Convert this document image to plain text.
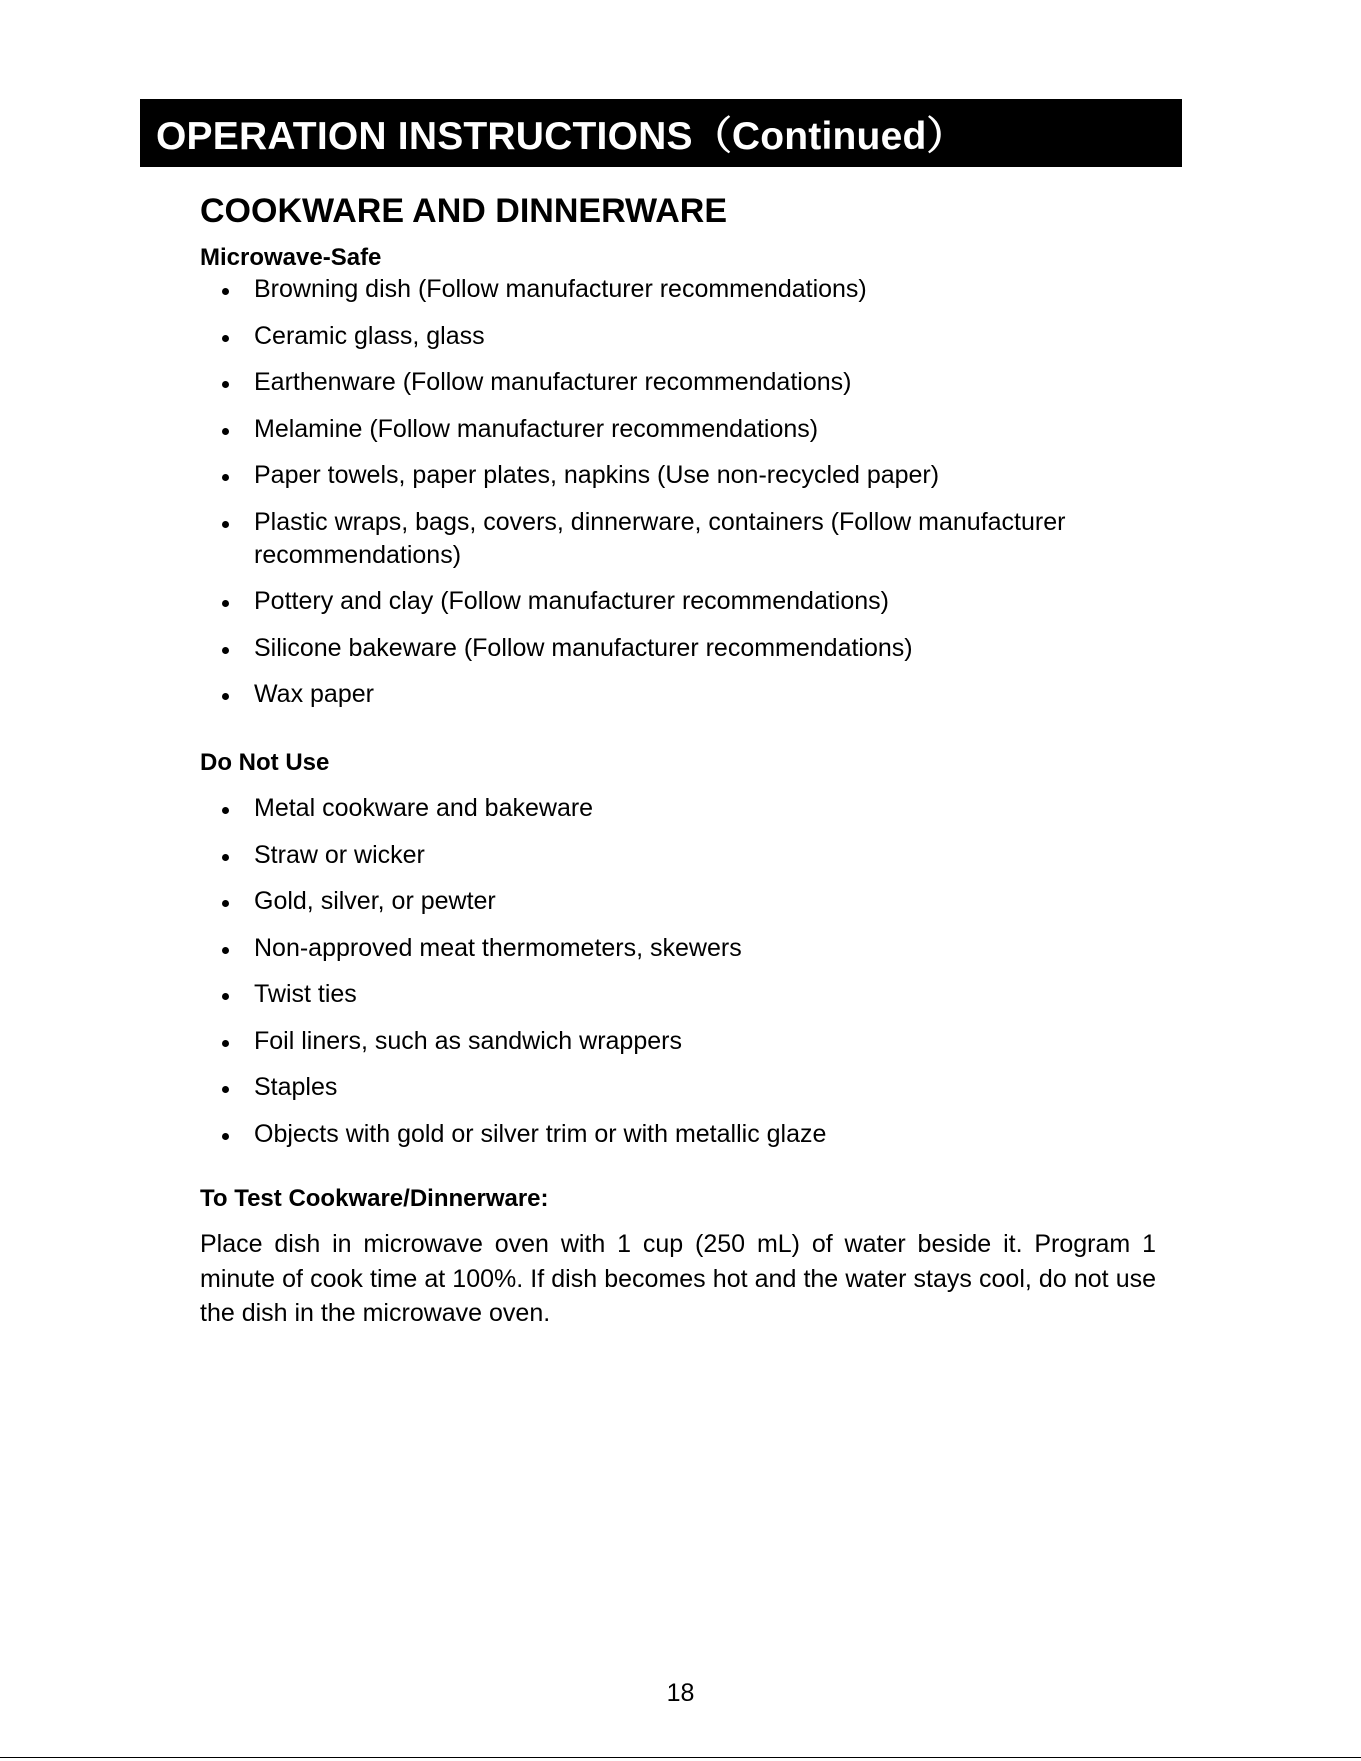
OPERATION INSTRUCTIONS（Continued）
COOKWARE AND DINNERWARE
Microwave-Safe
Browning dish (Follow manufacturer recommendations)
Ceramic glass, glass
Earthenware (Follow manufacturer recommendations)
Melamine (Follow manufacturer recommendations)
Paper towels, paper plates, napkins (Use non-recycled paper)
Plastic wraps, bags, covers, dinnerware, containers (Follow manufacturer recommendations)
Pottery and clay (Follow manufacturer recommendations)
Silicone bakeware (Follow manufacturer recommendations)
Wax paper
Do Not Use
Metal cookware and bakeware
Straw or wicker
Gold, silver, or pewter
Non-approved meat thermometers, skewers
Twist ties
Foil liners, such as sandwich wrappers
Staples
Objects with gold or silver trim or with metallic glaze
To Test Cookware/Dinnerware:

Place dish in microwave oven with 1 cup (250 mL) of water beside it. Program 1 minute of cook time at 100%. If dish becomes hot and the water stays cool, do not use the dish in the microwave oven.

18
